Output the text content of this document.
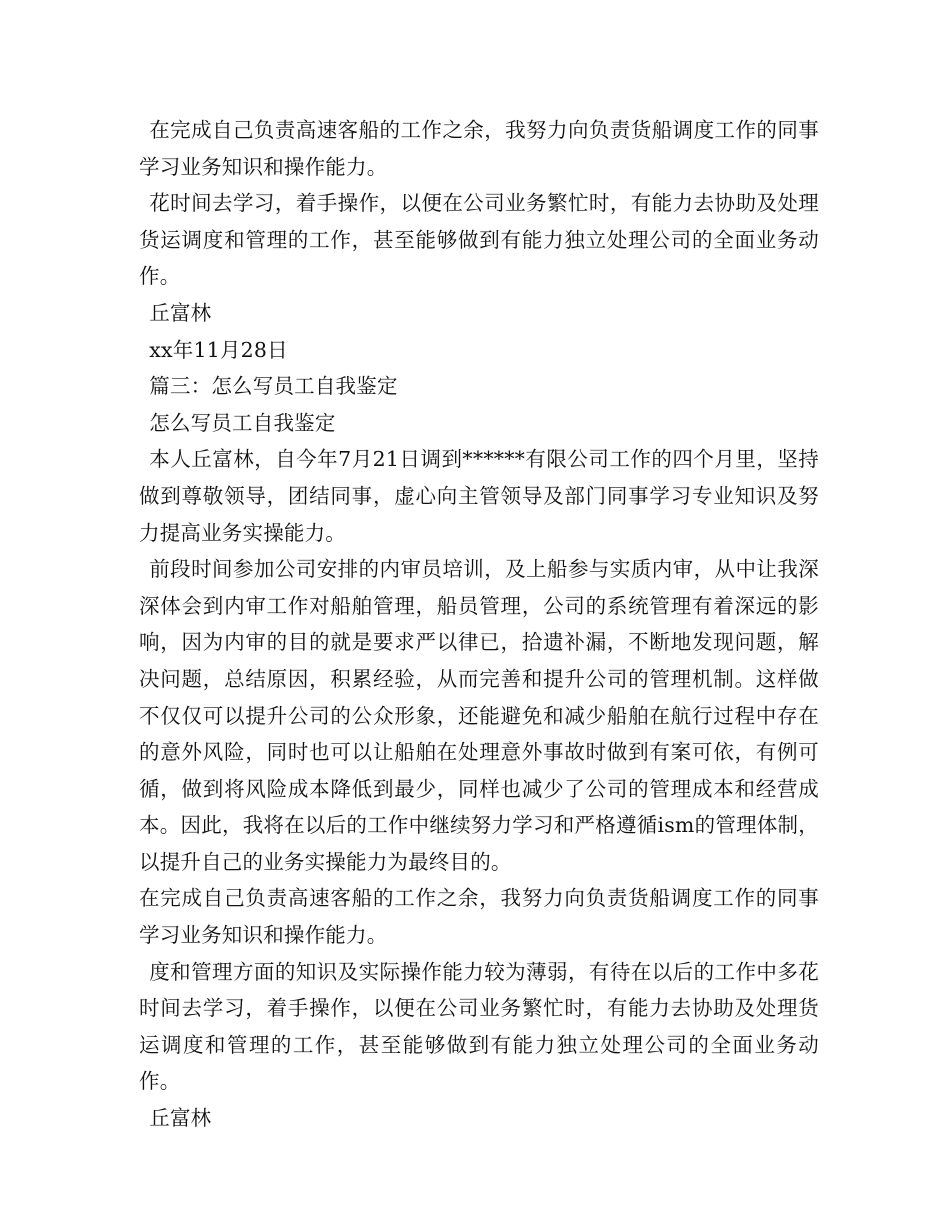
在完成自己负责高速客船的工作之余，我努力向负责货船调度工作的同事学习业务知识和操作能力。

花时间去学习，着手操作，以便在公司业务繁忙时，有能力去协助及处理货运调度和管理的工作，甚至能够做到有能力独立处理公司的全面业务动作。

丘富林

xx年11月28日

篇三：怎么写员工自我鉴定

怎么写员工自我鉴定

本人丘富林，自今年7月21日调到******有限公司工作的四个月里，坚持做到尊敬领导，团结同事，虚心向主管领导及部门同事学习专业知识及努力提高业务实操能力。

前段时间参加公司安排的内审员培训，及上船参与实质内审，从中让我深深体会到内审工作对船舶管理，船员管理，公司的系统管理有着深远的影响，因为内审的目的就是要求严以律已，拾遗补漏，不断地发现问题，解决问题，总结原因，积累经验，从而完善和提升公司的管理机制。这样做不仅仅可以提升公司的公众形象，还能避免和减少船舶在航行过程中存在的意外风险，同时也可以让船舶在处理意外事故时做到有案可依，有例可循，做到将风险成本降低到最少，同样也减少了公司的管理成本和经营成本。因此，我将在以后的工作中继续努力学习和严格遵循ism的管理体制，以提升自己的业务实操能力为最终目的。

在完成自己负责高速客船的工作之余，我努力向负责货船调度工作的同事学习业务知识和操作能力。

度和管理方面的知识及实际操作能力较为薄弱，有待在以后的工作中多花时间去学习，着手操作，以便在公司业务繁忙时，有能力去协助及处理货运调度和管理的工作，甚至能够做到有能力独立处理公司的全面业务动作。

丘富林
